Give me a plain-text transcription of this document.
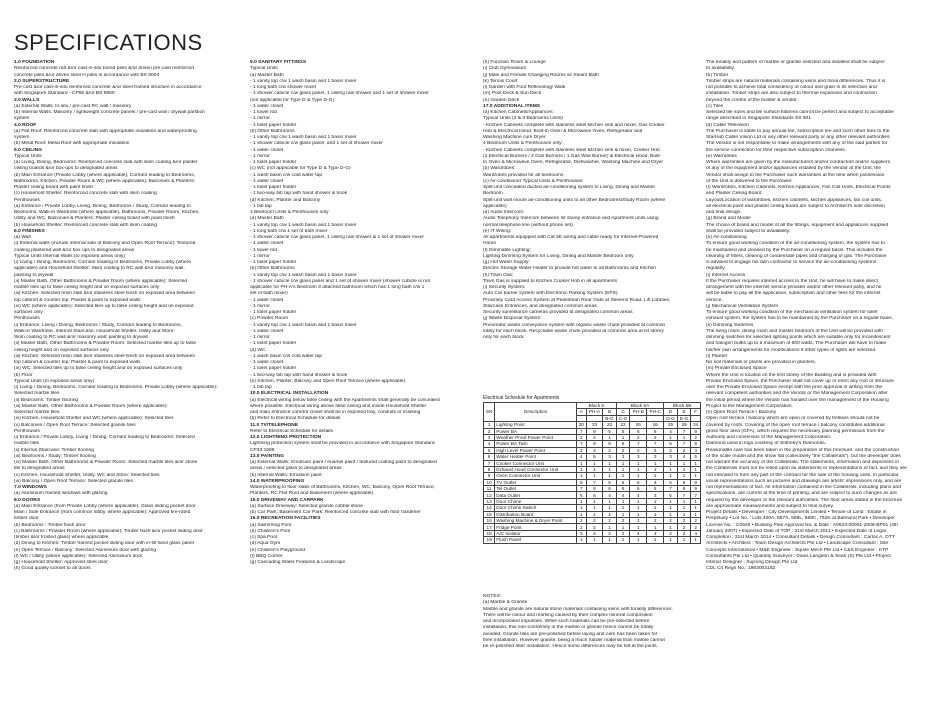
SPECIFICATIONS
1.0 FOUNDATION
Reinforced concrete raft &/or cast-in-situ bored piles &/or driven pre-cast reinforced
concrete piles &/or driven steel H piles in accordance with BS 8004
2.0 SUPERSTRUCTURE
Pre-cast &/or cast-in-situ reinforced concrete &/or steel framed structure in accordance
with Singapore Standard - CP65 &/or BS 5950
3.0 WALLS
(a) External Walls: In-situ / pre-cast RC wall / masonry
(b) Internal Walls: Masonry / lightweight concrete panels / pre-cast wall / drywall partition
system
4.0 ROOF
(a) Flat Roof: Reinforced concrete slab with appropriate insulation and waterproofing
system
(b) Metal Roof: Metal Roof with appropriate insulation
5.0 CEILING
Typical Units
(a) Living, Dining, Bedrooms: Reinforced concrete slab with skim coating &/or plaster
ceiling boards &/or box-ups to designated areas
(b) Main Entrance (Private Lobby (where applicable), Corridor leading to Bedrooms,
Bathrooms, Kitchen, Powder Room & WC (where applicable), Balconies & Planters:
Plaster ceiling board with paint finish
(c) Household Shelter: Reinforced concrete slab with skim coating
Penthouses
(a) Entrance / Private Lobby, Living, Dining, Bedrooms / Study, Corridor leading to
Bedrooms, Walk-in Wardrobe (where applicable), Bathrooms, Powder Room, Kitchen,
Utility and WC, Balconies & Planters: Plaster ceiling board with paint finish
(b) Household Shelter: Reinforced concrete slab with skim coating
6.0 FINISHES
(a) Wall
(i) External walls (include internal side of Balcony and Open Roof Terrace): Textured
coating plastered wall &/or box ups to designated areas
Typical Units Internal Walls (to exposed areas only)
(i) Living / Dining, Bedrooms, Corridor leading to Bedrooms, Private Lobby (where
applicable) and Household Shelter: Skim coating to RC wall &/or masonry wall,
painting to drywall
(ii) Master Bath, Other Bathrooms & Powder Room (where applicable): Selected
marble tiles up to false ceiling height and on exposed surfaces only
(iii) Kitchen: Selected resin slab &/or stainless steel finish on exposed area between
top cabinet & counter top; Plaster & paint to exposed walls
(iv) WC (where applicable): Selected tiles up to false ceiling height and on exposed
surfaces only
Penthouses
(i) Entrance, Living / Dining, Bedrooms / Study, Corridor leading to Bedrooms,
Walk-in Wardrobe, Internal Staircase, Household Shelter, Utility and Store:
Skim coating to RC wall &/or masonry wall; painting to drywall
(ii) Master Bath, Other Bathrooms & Powder Room: Selected marble tiles up to false
ceiling height and on exposed surfaces only
(iii) Kitchen: Selected resin slab &/or stainless steel finish on exposed area between
top cabinet & counter top; Plaster & paint to exposed walls
(iv) WC: Selected tiles up to false ceiling height and on exposed surfaces only
(b) Floor
Typical Units (to exposed areas only)
(i) Living / Dining, Bedrooms, Corridor leading to Bedrooms, Private Lobby (where applicable):
Selected marble tiles
(ii) Bedrooms: Timber flooring
(iii) Master Bath, Other Bathrooms & Powder Room (where applicable):
Selected marble tiles
(iv) Kitchen, Household Shelter and WC (where applicable): Selected tiles
(v) Balconies / Open Roof Terrace: Selected granite tiles
Penthouses
(i) Entrance / Private Lobby, Living / Dining, Corridor leading to Bedrooms: Selected
marble tiles
(ii) Internal Staircase: Timber flooring
(iii) Bedrooms / Study: Timber flooring
(iv) Master Bath, Other Bathrooms & Powder Room: Selected marble tiles &/or stone
tile to designated areas
(v) Kitchen, Household Shelter, Utility, WC and Store: Selected tiles
(vi) Balcony / Open Roof Terrace: Selected granite tiles
7.0 WINDOWS
(a) Aluminium framed windows with glazing
8.0 DOORS
(a) Main Entrance (from Private Lobby (where applicable): Glass sliding pocket door
Main / Side Entrance (from common lobby, where applicable): Approved fire-rated
timber door
(b) Bedrooms : Timber flush door
(c) Bathrooms / Powder Room (where applicable): Timber flush &/or pocket sliding door
(timber &/or frosted glass) where applicable
(d) Dining to Kitchen: Timber framed pocket sliding door with in-fill fixed glass panel
(e) Open Terrace / Balcony: Selected Aluminium door with glazing
(f) WC / Utility (where applicable): Selected Aluminium door
(g) Household Shelter: Approved steel door
(h) Good quality lockset to all doors
9.0 SANITARY FITTINGS
Typical Units
(a) Master Bath
- 1 vanity top c/w 1 wash basin and 1 basin mixer
- 1 long bath c/w shower mixer
- 1 shower cubicle c/w glass panel, 1 ceiling rain shower and 1 set of shower mixer
(not applicable for Type D & Type D-G)
- 1 water closet
- 1 towel rod
- 1 mirror
- 1 toilet paper holder
(b) Other Bathrooms
- 1 vanity top c/w 1 wash basin and 1 basin mixer
- 1 shower cubicle c/w glass panel, and 1 set of shower mixer
- 1 water closet
- 1 mirror
- 1 toilet paper holder
(c) WC (not applicable for Type D & Type D-G)
- 1 wash basin c/w cold water tap
- 1 water closet
- 1 toilet paper holder
- 1 two-way bib tap with hand shower & hook
(d) Kitchen, Planter and Balcony
- 1 bib tap
4 Bedroom Units & Penthouses only
(a) Master Bath
- 1 vanity top c/w 1 wash basin and 1 basin mixer
- 1 long bath c/w 1 set of bath mixer
- 1 shower cubicle c/w glass panel, 1 ceiling rain shower & 1 set of shower mixer
- 1 water closet
- 1 towel rod
- 1 mirror
- 1 toilet paper holder
(b) Other Bathrooms
- 1 vanity top c/w 1 wash basin and 1 basin mixer
- 1 shower cubicle c/w glass panel and 1 set of shower mixer (shower cubicle is not
applicable for PH-A's Bedroom 3 attached bathroom which has 1 long bath c/w 1
set of bath mixer)
- 1 water closet
- 1 mirror
- 1 toilet paper holder
(c) Powder Room
- 1 vanity top c/w 1 wash basin and 1 basin mixer
- 1 water closet
- 1 mirror
- 1 toilet paper holder
(d) WC
- 1 wash basin c/w cold water tap
- 1 water closet
- 1 toilet paper holder
- 1 two-way bib tap with hand shower & hook
(e) Kitchen, Planter, Balcony and Open Roof Terrace (where applicable)
- 1 bib tap
10.0 ELECTRICAL INSTALLATION
(a) Electrical wiring below false ceiling with the Apartments shall generally be concealed
where possible. Electrical wiring above false ceiling and inside Household Shelter
and main entrance corridor closet shall be in exposed tray, conduits or trunking
(b) Refer to Electrical Schedule for details
11.0 TV/TELEPHONE
Refer to Electrical Schedule for details
12.0 LIGHTNING PROTECTION
Lightning protection system shall be provided in accordance with Singapore Standard
CP33:1996
13.0 PAINTING
(a) External Walls: Emulsion paint / enamel paint / textured coating paint to designated
areas / selected glass to designated areas
(b) Internal Walls: Emulsion paint
14.0 WATERPROOFING
Waterproofing to floor slabs of Bathrooms, Kitchen, WC, Balcony, Open Roof Terrace,
Planters, RC Flat Roof and Basement (where applicable)
15.0 DRIVEWAY AND CARPARK
(a) Surface Driveway: Selected granite cobble stone
(b) Car Park: Basement Car Park: Reinforced concrete slab with floor hardener
16.0 RECREATION FACILITIES
(a) Swimming Pool
(b) Children's Pool
(c) Spa Pool
(d) Aqua Gym
(e) Children's Playground
(f) BBQ Corner
(g) Cascading Water Features & Landscape
(h) Function Room & Lounge
(i) Club Gymnasium
(j) Male and Female Changing Rooms w/ Steam Bath
(k) Tennis Court
(l) Garden with Foot Reflexology Walk
(m) Pool Deck & Sun Deck
(n) Garden Deck
17.0 ADDITIONAL ITEMS
(a) Kitchen Cabinets/Appliances:
Typical Units (2 & 3 Bedrooms Units)
- Kitchen Cabinets complete with stainless steel kitchen sink and mixer, Gas Cooker
Hob & Electrical Hood, Built-In Oven & Microwave Oven, Refrigerator and
Washing Machine cum Dryer
4 Bedroom Units & Penthouses only:
- Kitchen Cabinets complete with stainless steel kitchen sink & mixer, Cooker Hob
(2 Electrical Burners / 2 Gas Burners / 1 Gas Wok Burner) & Electrical Hood, Built-
In Oven & Microwave Oven, Refrigerator, Dishwasher, Washing Machine and Dryer
(b) Wardrobes:
Wardrobes provided for all bedrooms
(c) Air-conditioner Typical Units & Penthouses:
Split-unit concealed ducted air-conditioning system to Living, Dining and Master
Bedroom
Split-unit wall mount air-conditioning units to all other Bedrooms/Study Room (where
applicable)
(d) Audio Intercom:
Audio Telephony Intercom between lst storey entrance and Apartment units using
normal telephone line (without phone set)
(e) IT Wiring:
All apartments equipped with Cat 5E wiring and cable ready for Internet-Powered
Home
(f) Dimmable Lighting:
Lighting Dimming System for Living, Dining and Master Bedroom only
(g) Hot Water Supply:
Electric Storage Water Heater to provide hot water to all Bathrooms and Kitchen
(h) Town Gas:
Town Gas is supplied to Kitchen Cooker Hob in all apartments
(i) Security System:
Auto Car barrier system with Electronic Parking System (EPS)
Proximity Card Access System at Pedestrian Rear Gate at Stevens Road, Lift Lobbies,
Staircase Entrances, and designated common areas
Security surveillance cameras provided at designated common areas
(j) Waste Disposal System:
Pneumatic waste conveyance system with organic waste chute provided at common
lobby for each block. Recyclable waste chute provided at common area at lst storey
only for each block
Electrical Schedule for Apartments
SN	Description	Block 5			Block 5A			Block 5B		
		A	PH-A	B	C	PH-B	PH-C	D	E	F
				B-G	C-G			D-G	E-G	
1	Lighting Point	30	33	22	22	26	16	25	29	34
2	Power BA	7	9	5	5	6	6	4	7	9
3	Weather Proof Power Point	2	2	1	1	2	2	1	1	2
4	Power BA Twin	7	9	6	6	7	7	5	7	9
5	High Level Power Point	2	3	2	2	2	2	2	2	3
6	Water Heater Point	4	5	3	3	3	3	3	4	5
7	Cooker Connector Unit	1	1	1	1	1	1	1	1	1
8	Exhaust Hood Connector Unit	1	1	1	1	1	1	1	1	1
9	Oven Connector Unit	1	1	1	1	1	1	1	1	1
10	TV Outlet	6	7	5	5	5	4	6	8	8
11	Tel Outlet	7	8	6	6	6	5	7	9	9
12	Data Outlet	6	6	4	4	4	3	5	7	7
13	Door Chime	1	1	1	1	1	1	1	1	1
14	Door Chime Switch	1	1	1	1	1	1	1	1	1
15	Distribution Board	1	1	1	1	1	1	1	1	1
16	Washing Machine & Dryer Point	2	2	2	2	2	2	2	2	2
17	Fridge Point	2	2	1	1	1	1	1	2	2
18	A/C Isolator	3	4	2	2	4	4	2	2	4
19	Flush Panel	1	1	1	1	1	1	1	1	1
NOTES:
(a) Marble & Granite
Marble and granite are natural stone materials containing veins with tonality differences.
There will be colour and marking caused by their complex mineral composition
and incorporated impurities. While such materials can be pre-selected before
installation, this non-conformity in the marble or granite hence cannot be totally
avoided. Granite tiles are pre-polished before laying and care has been taken for
their installation. However granite, being a much harder material than marble cannot
be re-polished after installation. Hence some differences may be felt at the joints.
The tonality and pattern of marble or granite selected and installed shall be subject
to availability.
(b) Timber
Timber strips are natural materials containing veins and tonal differences. Thus it is
not possible to achieve total consistency of colour and grain in its selection and
installation. Timber strips are also subject to thermal expansion and contraction
beyond the control of the builder & vendor.
(c) Tiles
Selected tile sizes and tile surface flatness cannot be perfect and subject to acceptable
range described in Singapore Standards SS 301.
(d) Cable Television
The Purchaser is liable to pay annual fee, subscription fee and such other fees to the
StarHub Cable Vision Ltd or any other relevant party or any other relevant authorities.
The Vendor is not responsible to make arrangements with any of the said parties for
the service connection for their respective subscription channels.
(e) Warranties
Where warranties are given by the manufacturers and/or contractors and/or suppliers
of any of the equipment and/or appliances installed by the Vendor at the Unit, the
Vendor shall assign to the Purchaser such warranties at the time when possession
of the Unit is delivered to the Purchaser.
(f) Wardrobes, Kitchen Cabinets, Kitchen Appliances, Fan Coil Units, Electrical Points
and Plaster Ceiling Board
Layout/Location of wardrobes, kitchen cabinets, kitchen appliances, fan coil units,
all electrical point and plaster ceiling board are subject to Architect's sole discretion
and final design.
(g) Brand and Model
The choice of brand and model of all the fittings, equipment and appliances supplied
shall be provided subject to availability.
(h) Air-conditioning
To ensure good working condition of the air-conditioning system, the system has to
be maintained and cleaned by the Purchaser on a regular basis. This includes the
cleaning of filters, clearing of condensate pipes and charging of gas. The Purchaser
is advised to engage his own contractor to service the air-conditioning systems
regularly.
(i) Internet Access
If the Purchaser requires internet access to the Unit, he will have to make direct
arrangement with the internet service provider and/or other relevant party, and he
will be liable to pay all the application, subscription and other fees for the internet
service.
(j) Mechanical Ventilation System
To ensure good working condition of the mechanical ventilation system for toilet
exhaust system, the system has to be maintained by the Purchaser on a regular basis.
(k) Dimming Switches
The living room, dining room and master bedroom of the Unit will be provided with
dimming switches for selected lighting points which are suitable only for incandescent
and halogen bulbs up to a maximum of 600 watts. The Purchaser will have to make
his/her own arrangements for modifications if other types of lights are selected.
(l) Planter
No soil materials or plants are provided in planters.
(m) Private Enclosed Space
Where the Unit is located on the first storey of the Building and is provided with
Private Enclosed Space, the Purchaser shall not cover up or erect any roof or structure
over the Private Enclosed Space except with the prior approval in writing from the
relevant competent authorities and the Vendor or the Management Corporation after
the initial period where the Vendor has handed over the management of the Housing
Project to the Management Corporation.
(n) Open Roof Terrace / Balcony
Open roof terrace / balcony which are open or covered by trellises should not be
covered by roofs. Covering of the open roof terrace / balcony constitutes additional
gross floor area (GFA), which requires the necessary planning permission from the
Authority and consensus of the Management Corporation.
Diamond used in logo courtesy of Sotheby's Diamonds.
Reasonable care has been taken in the preparation of this brochure, and the construction
of the scale model and the show flat (collectively "the Collaterals"), but the developer does
not warrant the accuracy of the Collaterals. The statements, information and depictions in
the Collaterals must not be relied upon as statements or representations of fact, and they are
not intended to form any part of the contract for the sale of the housing units. In particular,
visual representations such as pictures and drawings are artists' impressions only, and are
not representations of fact. All information contained in the Collaterals, including plans and
specifications, are current at the time of printing, and are subject to such changes as are
required by the developer or the relevant authorities. The floor areas stated in the brochure
are approximate measurements and subject to final survey.
Project Details • Developer : City Developments Limited • Tenure of Land : Estate in
Perpetuity • Lot No. : Lots 400A, 587X, 588L, 589C, 752K at Balmoral Park • Developer
License No. : C0926 • Building Plan Approval No. & Date : A0623-00001-2006-BP01 (4th
January 2007) • Expected Date of TOP : 31st March 2011 • Expected Date of Legal
Completion : 31st March 2014 • Consultant Details • Design Consultant : Carlos A. OTT
Architects • Architect : Team Design Architects Pte Ltd • Landscape Consultant : Site
Concepts International • M&E Engineer : Squire Mech Pte Ltd • C&S Engineer : KTP
Consultants Pte Ltd • Quantity Surveyor : Davis Langdon & Seah (S) Pte Ltd • Project
Interior Designer : Sujsong Design Pte Ltd
CDL Co Regn No.: 196300316Z
